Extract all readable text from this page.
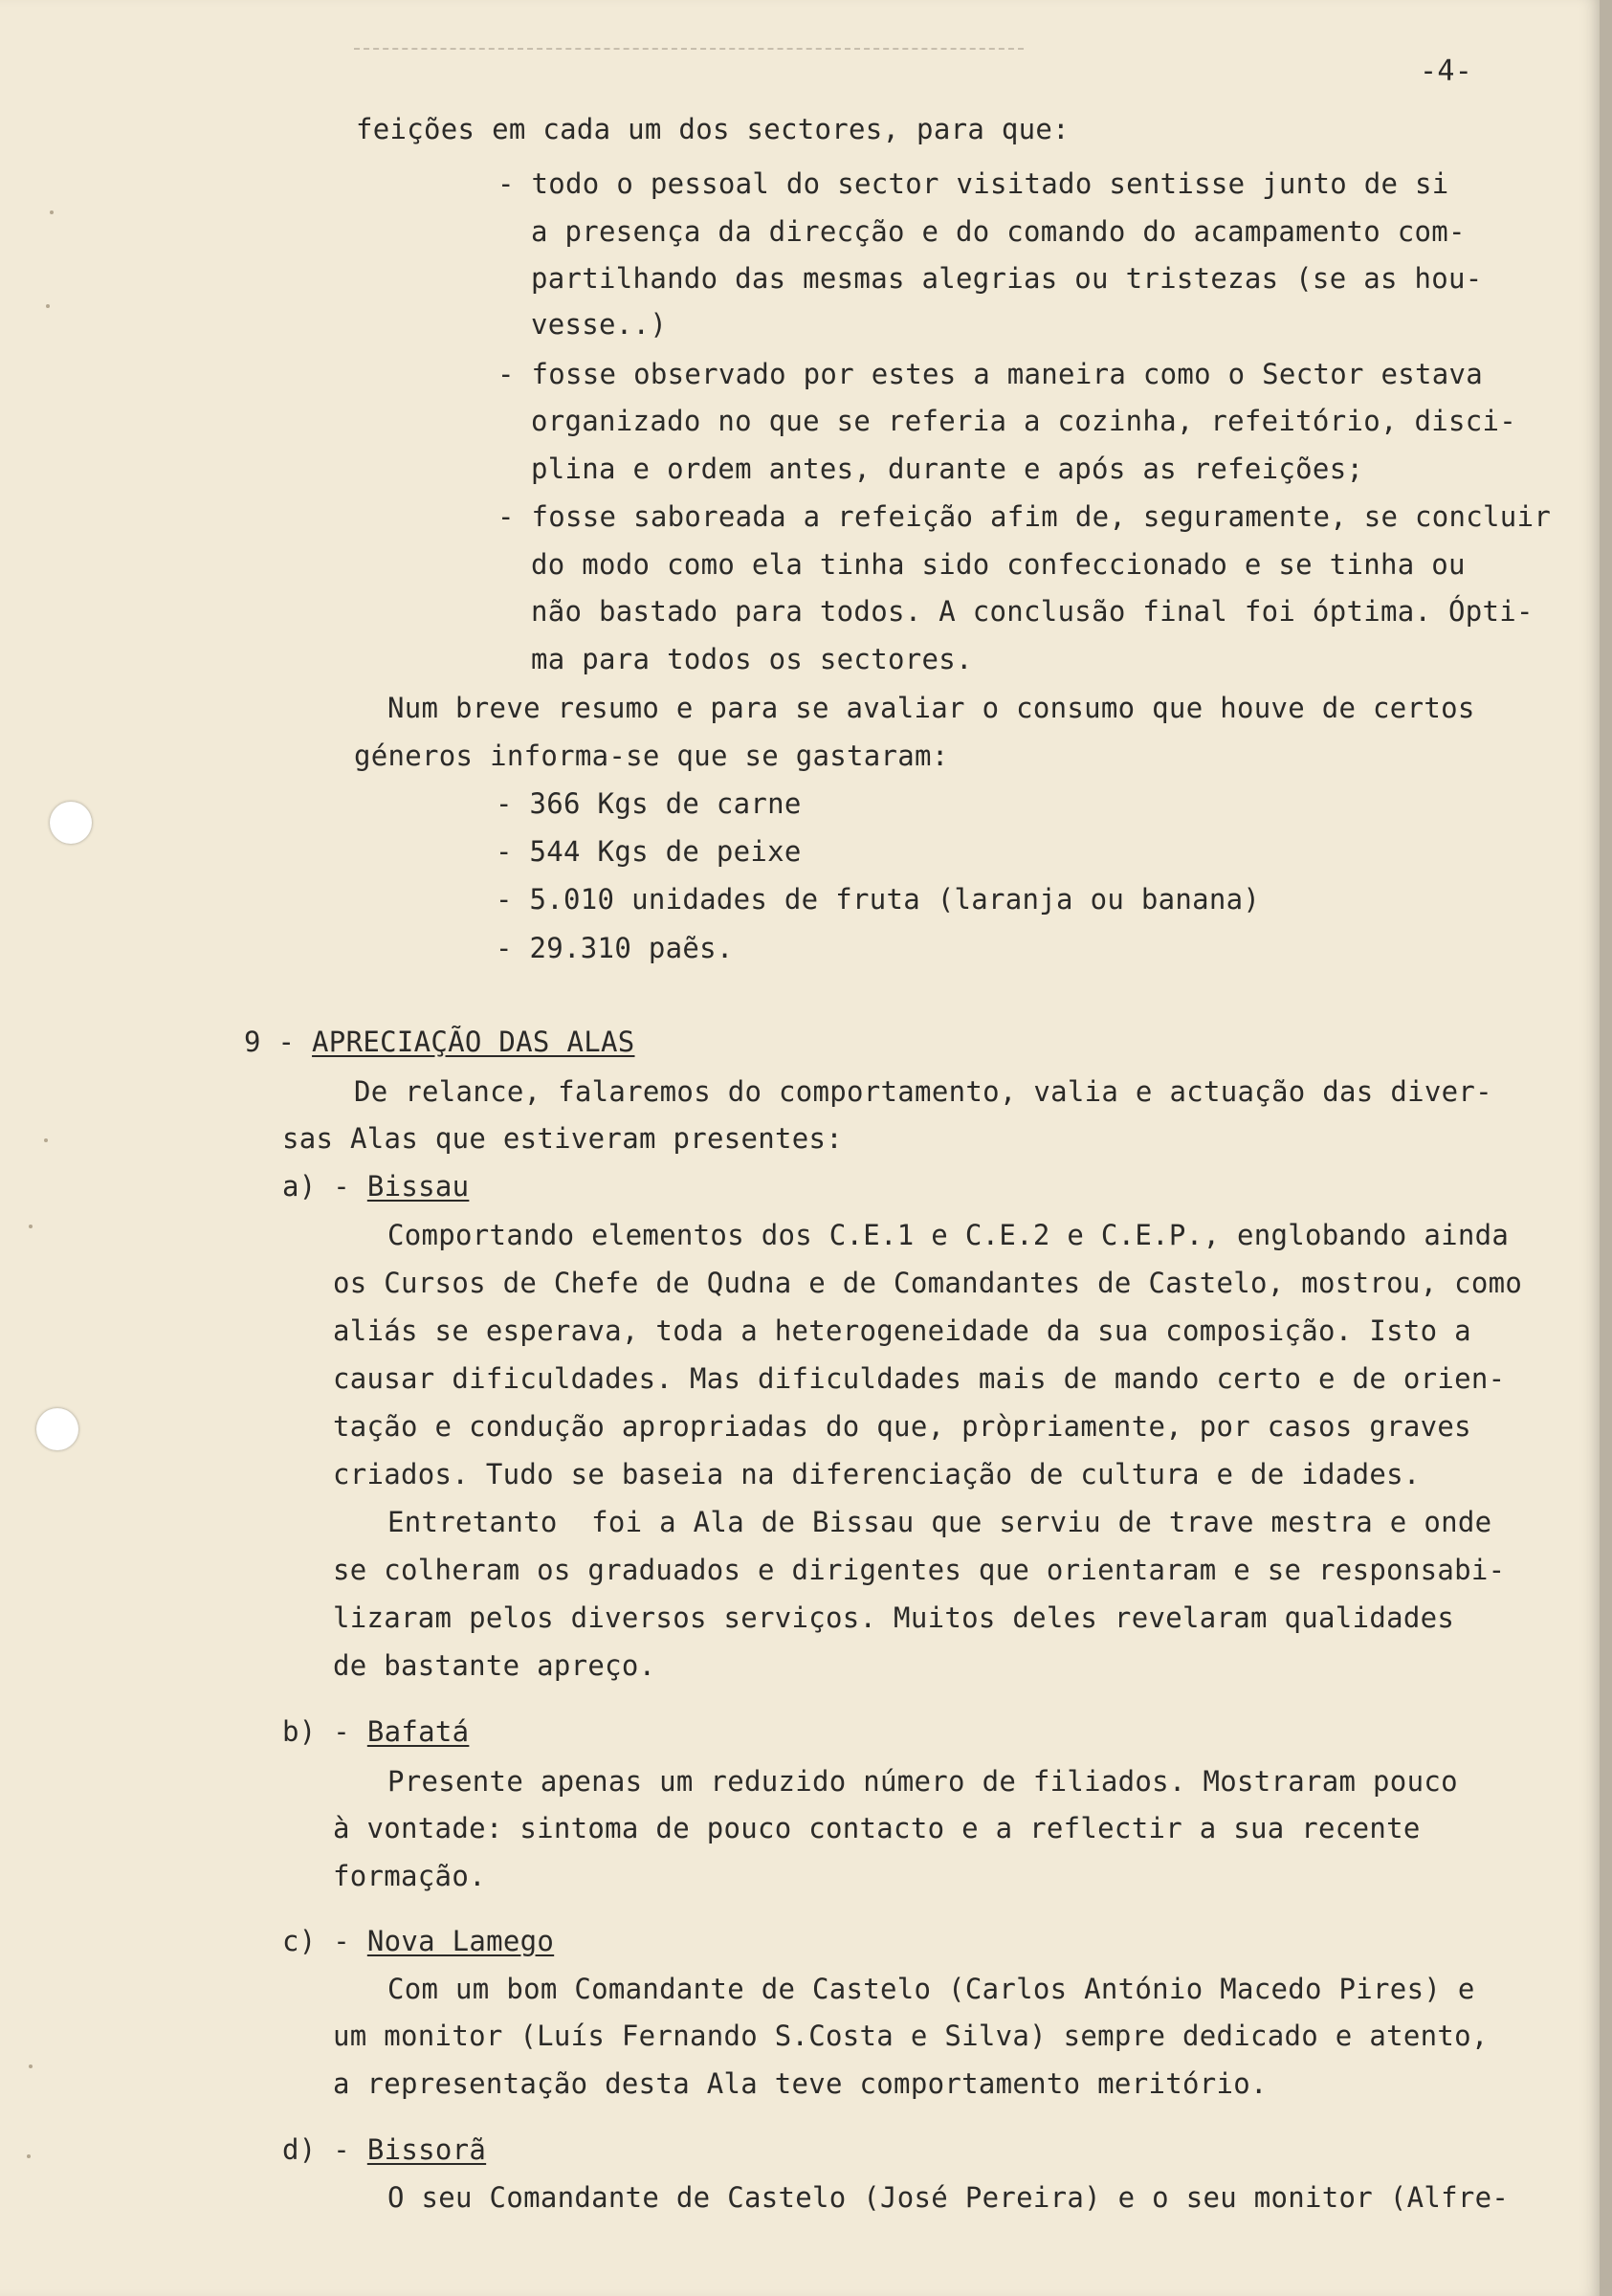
-4-
feições em cada um dos sectores, para que:
- todo o pessoal do sector visitado sentisse junto de si
a presença da direcção e do comando do acampamento com-
partilhando das mesmas alegrias ou tristezas (se as hou-
vesse..)
- fosse observado por estes a maneira como o Sector estava
organizado no que se referia a cozinha, refeitório, disci-
plina e ordem antes, durante e após as refeições;
- fosse saboreada a refeição afim de, seguramente, se concluir
do modo como ela tinha sido confeccionado e se tinha ou
não bastado para todos. A conclusão final foi óptima. Ópti-
ma para todos os sectores.
Num breve resumo e para se avaliar o consumo que houve de certos
géneros informa-se que se gastaram:
- 366 Kgs de carne
- 544 Kgs de peixe
- 5.010 unidades de fruta (laranja ou banana)
- 29.310 paẽs.
9 - APRECIAÇÃO DAS ALAS
De relance, falaremos do comportamento, valia e actuação das diver-
sas Alas que estiveram presentes:
a) - Bissau
Comportando elementos dos C.E.1 e C.E.2 e C.E.P., englobando ainda
os Cursos de Chefe de Qudna e de Comandantes de Castelo, mostrou, como
aliás se esperava, toda a heterogeneidade da sua composição. Isto a
causar dificuldades. Mas dificuldades mais de mando certo e de orien-
tação e condução apropriadas do que, pròpriamente, por casos graves
criados. Tudo se baseia na diferenciação de cultura e de idades.
Entretanto  foi a Ala de Bissau que serviu de trave mestra e onde
se colheram os graduados e dirigentes que orientaram e se responsabi-
lizaram pelos diversos serviços. Muitos deles revelaram qualidades
de bastante apreço.
b) - Bafatá
Presente apenas um reduzido número de filiados. Mostraram pouco
à vontade: sintoma de pouco contacto e a reflectir a sua recente
formação.
c) - Nova Lamego
Com um bom Comandante de Castelo (Carlos António Macedo Pires) e
um monitor (Luís Fernando S.Costa e Silva) sempre dedicado e atento,
a representação desta Ala teve comportamento meritório.
d) - Bissorã
O seu Comandante de Castelo (José Pereira) e o seu monitor (Alfre-
